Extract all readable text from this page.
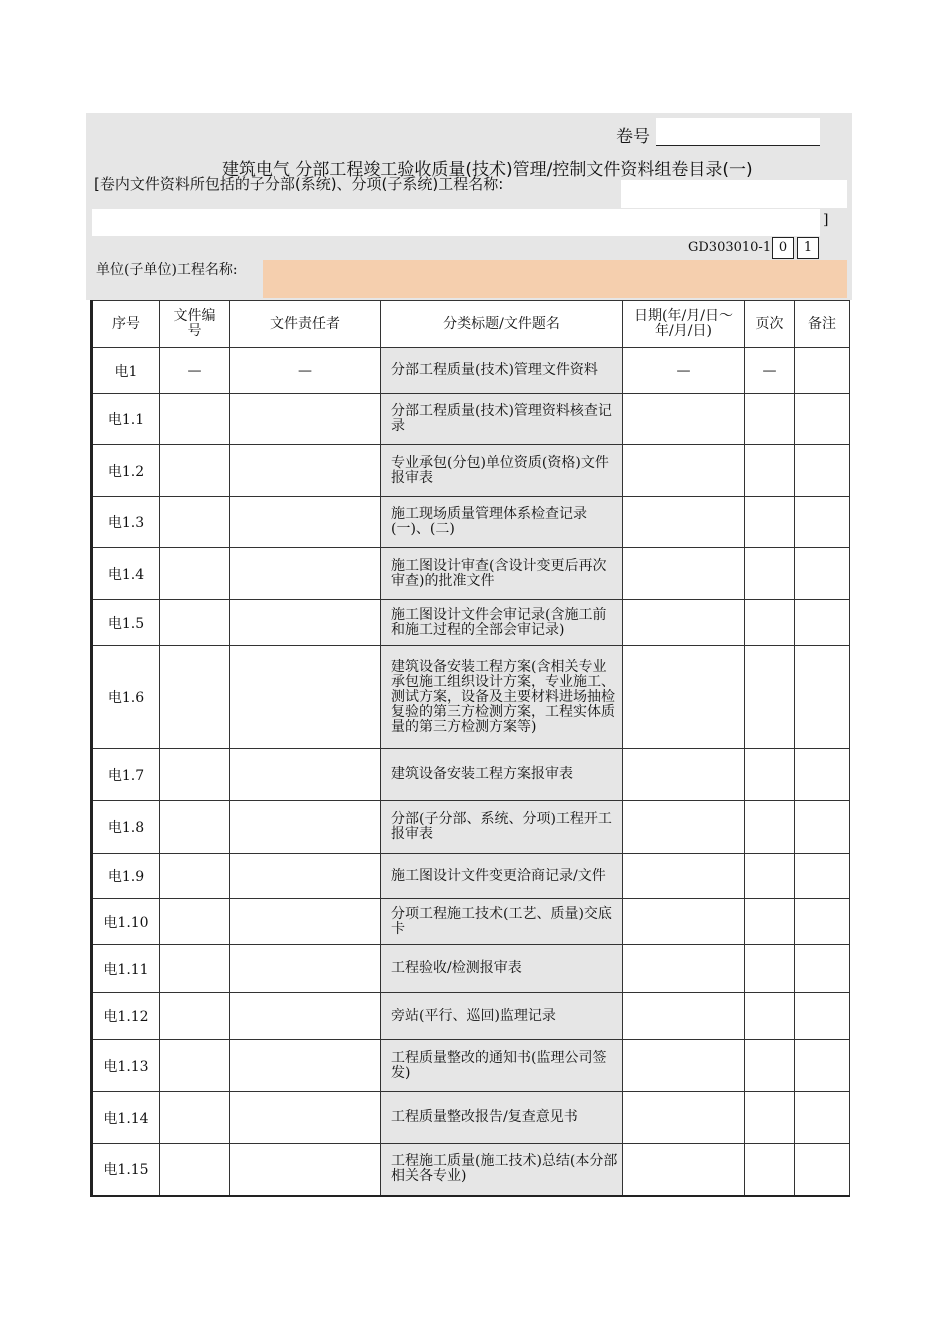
卷号
建筑电气 分部工程竣工验收质量(技术)管理/控制文件资料组卷目录(一)
[卷内文件资料所包括的子分部(系统)、分项(子系统)工程名称:
]
GD303010-1 0	1
单位(子单位)工程名称:
序号	文件编号	文件责任者	分类标题/文件题名	日期(年/月/日～年/月/日)	页次	备注
电1	—	—	分部工程质量(技术)管理文件资料	—	—	
电1.1			分部工程质量(技术)管理资料核查记录			
电1.2			专业承包(分包)单位资质(资格)文件报审表			
电1.3			施工现场质量管理体系检查记录(一)、(二)			
电1.4			施工图设计审查(含设计变更后再次审查)的批准文件			
电1.5			施工图设计文件会审记录(含施工前和施工过程的全部会审记录)			
电1.6			建筑设备安装工程方案(含相关专业承包施工组织设计方案，专业施工、测试方案，设备及主要材料进场抽检复验的第三方检测方案，工程实体质量的第三方检测方案等)			
电1.7			建筑设备安装工程方案报审表			
电1.8			分部(子分部、系统、分项)工程开工报审表			
电1.9			施工图设计文件变更洽商记录/文件			
电1.10			分项工程施工技术(工艺、质量)交底卡			
电1.11			工程验收/检测报审表			
电1.12			旁站(平行、巡回)监理记录			
电1.13			工程质量整改的通知书(监理公司签发)			
电1.14			工程质量整改报告/复查意见书			
电1.15			工程施工质量(施工技术)总结(本分部相关各专业)			
